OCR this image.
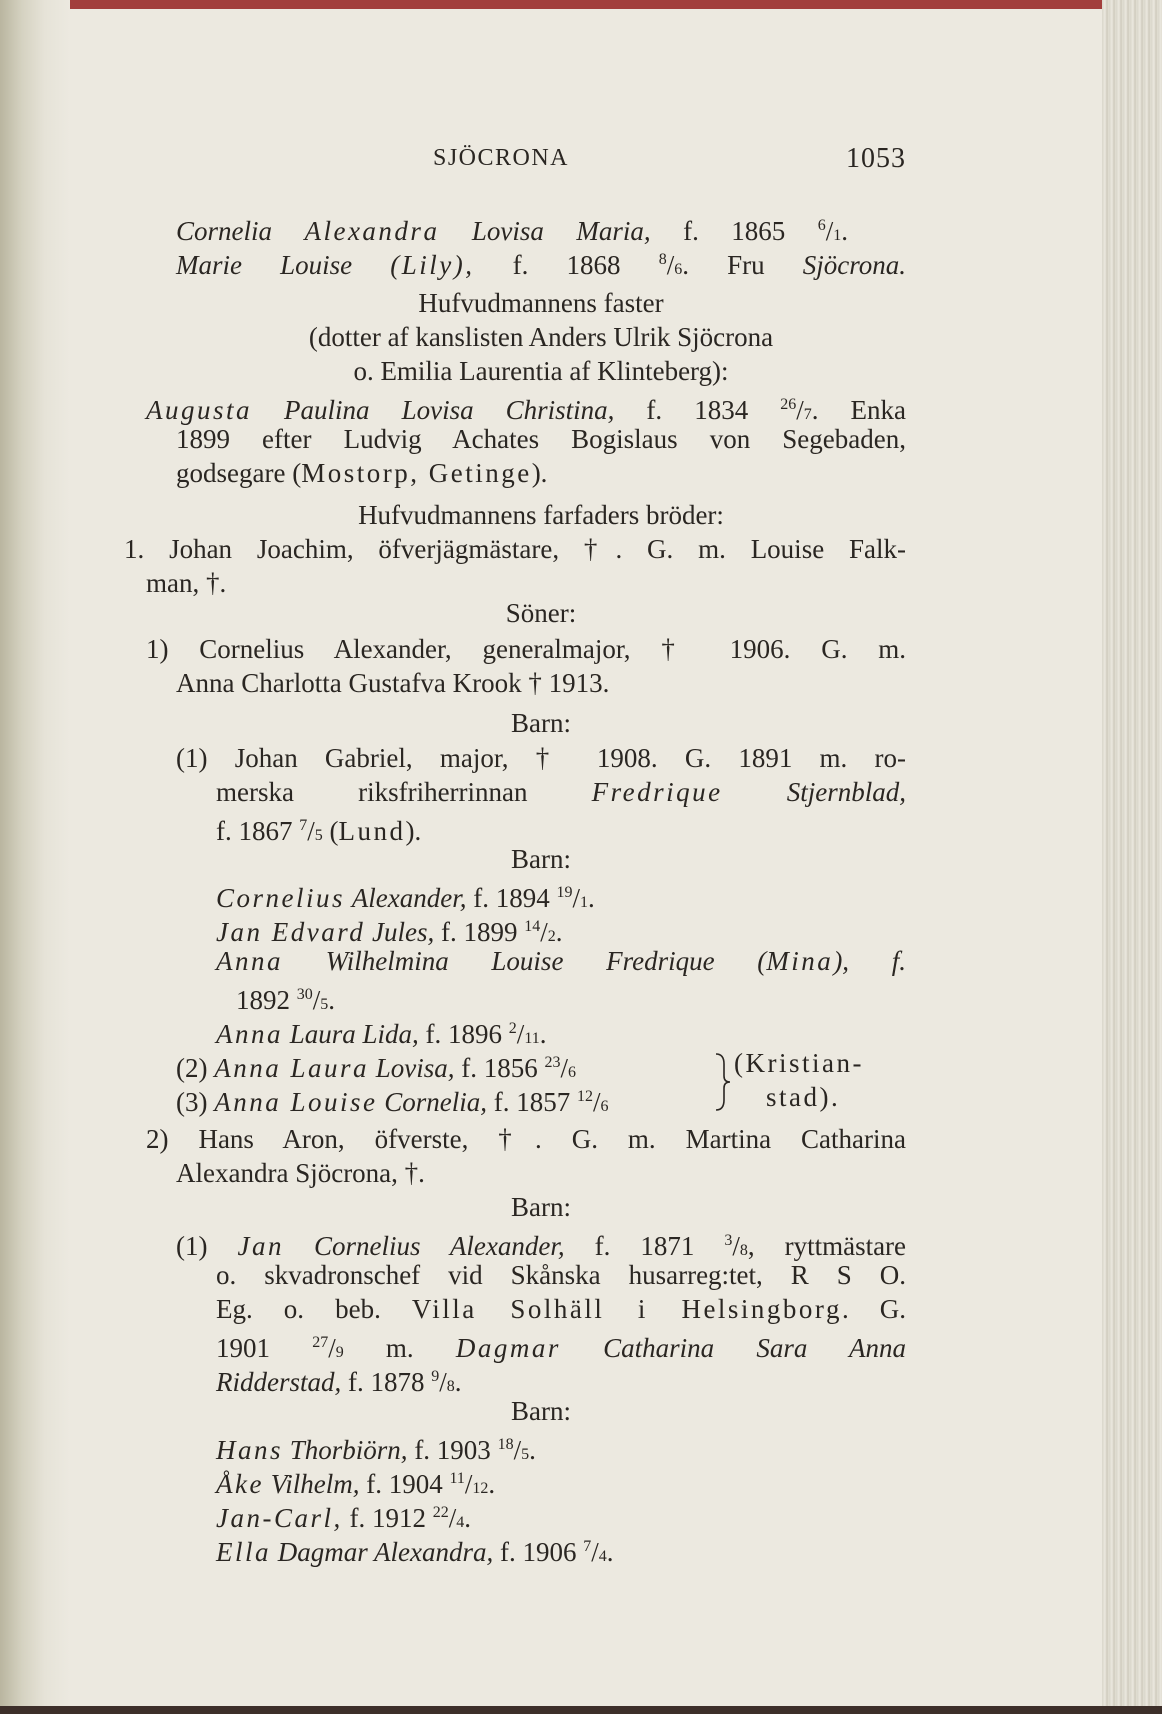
SJÖCRONA	1053
Cornelia Alexandra Lovisa Maria, f. 1865 $^6$/1.
Marie Louise (Lily), f. 1868 $^8$/6. Fru Sjöcrona.
Hufvudmannens faster
(dotter af kanslisten Anders Ulrik Sjöcrona
o. Emilia Laurentia af Klinteberg):
Augusta Paulina Lovisa Christina, f. 1834 $^{26}$/7. Enka
1899 efter Ludvig Achates Bogislaus von Segebaden,
godsegare (Mostorp, Getinge).
Hufvudmannens farfaders bröder:
1. Johan Joachim, öfverjägmästare, †. G. m. Louise Falk-
man, †.
Söner:
1) Cornelius Alexander, generalmajor, † 1906. G. m.
Anna Charlotta Gustafva Krook † 1913.
Barn:
(1) Johan Gabriel, major, † 1908. G. 1891 m. ro-
merska riksfriherrinnan Fredrique Stjernblad,
f. 1867 $^7$/5 (Lund).
Barn:
Cornelius Alexander, f. 1894 $^{19}$/1.
Jan Edvard Jules, f. 1899 $^{14}$/2.
Anna Wilhelmina Louise Fredrique (Mina), f.
1892 $^{30}$/5.
Anna Laura Lida, f. 1896 $^2$/11.
(2) Anna Laura Lovisa, f. 1856 $^{23}$/6	(Kristian-
(3) Anna Louise Cornelia, f. 1857 $^{12}$/6	stad).
2) Hans Aron, öfverste, †. G. m. Martina Catharina
Alexandra Sjöcrona, †.
Barn:
(1) Jan Cornelius Alexander, f. 1871 $^3$/8, ryttmästare
o. skvadronschef vid Skånska husarreg:tet, R S O.
Eg. o. beb. Villa Solhäll i Helsingborg. G.
1901	$^{27}$/9 m. Dagmar Catharina Sara Anna
Ridderstad, f. 1878 $^9$/8.
Barn:
Hans Thorbiörn, f. 1903 $^{18}$/5.
Åke Vilhelm, f. 1904 $^{11}$/12.
Jan-Carl, f. 1912 $^{22}$/4.
Ella Dagmar Alexandra, f. 1906 $^7$/4.
